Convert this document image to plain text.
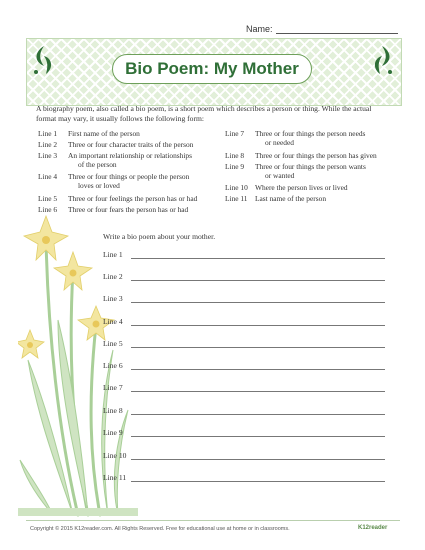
Name:
Bio Poem: My Mother
A biography poem, also called a bio poem, is a short poem which describes a person or thing. While the actual format may vary, it usually follows the following form:
Line 1	First name of the person
Line 2	Three or four character traits of the person
Line 3	An important relationship or relationships
of the person
Line 4	Three or four things or people the person
loves or loved
Line 5	Three or four feelings the person has or had
Line 6	Three or four fears the person has or had
Line 7	Three or four things the person needs
or needed
Line 8	Three or four things the person has given
Line 9	Three or four things the person wants
or wanted
Line 10 Where the person lives or lived
Line 11	Last name of the person
Write a bio poem about your mother.
Line 1
Line 2
Line 3
Line 4
Line 5
Line 6
Line 7
Line 8
Line 9
Line 10
Line 11
Copyright © 2015 K12reader.com. All Rights Reserved. Free for educational use at home or in classrooms.	K12reader
